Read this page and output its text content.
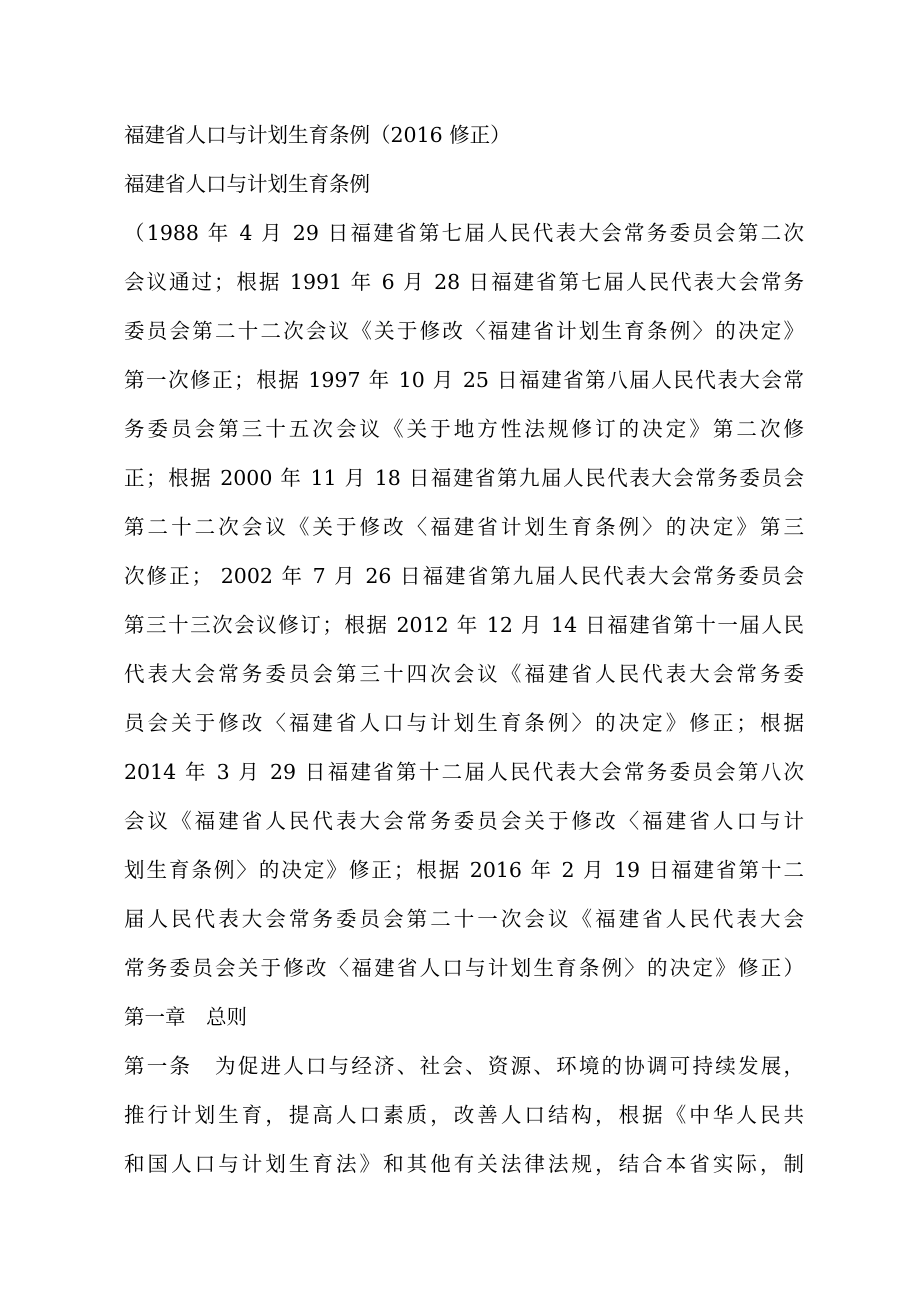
福建省人口与计划生育条例（2016 修正）
福建省人口与计划生育条例
（1988 年 4 月 29 日福建省第七届人民代表大会常务委员会第二次
会议通过；根据 1991 年 6 月 28 日福建省第七届人民代表大会常务
委员会第二十二次会议《关于修改〈福建省计划生育条例〉的决定》
第一次修正；根据 1997 年 10 月 25 日福建省第八届人民代表大会常
务委员会第三十五次会议《关于地方性法规修订的决定》第二次修
正；根据 2000 年 11 月 18 日福建省第九届人民代表大会常务委员会
第二十二次会议《关于修改〈福建省计划生育条例〉的决定》第三
次修正； 2002 年 7 月 26 日福建省第九届人民代表大会常务委员会
第三十三次会议修订；根据 2012 年 12 月 14 日福建省第十一届人民
代表大会常务委员会第三十四次会议《福建省人民代表大会常务委
员会关于修改〈福建省人口与计划生育条例〉的决定》修正；根据
2014 年 3 月 29 日福建省第十二届人民代表大会常务委员会第八次
会议《福建省人民代表大会常务委员会关于修改〈福建省人口与计
划生育条例〉的决定》修正；根据 2016 年 2 月 19 日福建省第十二
届人民代表大会常务委员会第二十一次会议《福建省人民代表大会
常务委员会关于修改〈福建省人口与计划生育条例〉的决定》修正）
第一章　总则
第一条　为促进人口与经济、社会、资源、环境的协调可持续发展，
推行计划生育，提高人口素质，改善人口结构，根据《中华人民共
和国人口与计划生育法》和其他有关法律法规，结合本省实际，制
